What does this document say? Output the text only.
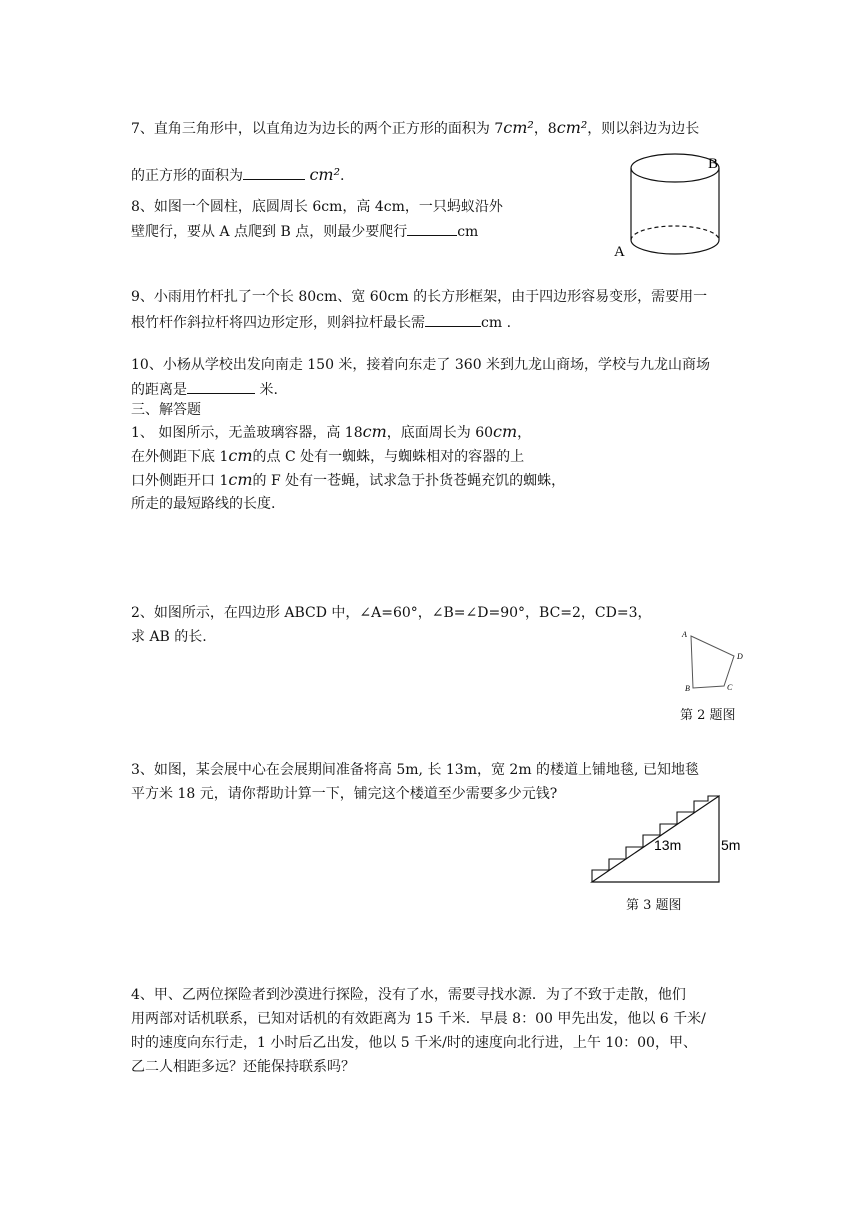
7、直角三角形中，以直角边为边长的两个正方形的面积为 7cm²，8cm²，则以斜边为边长
的正方形的面积为	cm².
B
A
8、如图一个圆柱，底圆周长 6cm，高 4cm，一只蚂蚁沿外
壁爬行，要从 A 点爬到 B 点，则最少要爬行	cm
9、小雨用竹杆扎了一个长 80cm、宽 60cm 的长方形框架，由于四边形容易变形，需要用一
根竹杆作斜拉杆将四边形定形，则斜拉杆最长需	cm .
10、小杨从学校出发向南走 150 米，接着向东走了 360 米到九龙山商场，学校与九龙山商场
的距离是	米.
三、解答题
1、 如图所示，无盖玻璃容器，高 18cm，底面周长为 60cm，
在外侧距下底 1cm的点 C 处有一蜘蛛，与蜘蛛相对的容器的上
口外侧距开口 1cm的 F 处有一苍蝇，试求急于扑货苍蝇充饥的蜘蛛，
所走的最短路线的长度.
2、如图所示，在四边形 ABCD 中，∠A=60°，∠B=∠D=90°，BC=2，CD=3，
求 AB 的长.	A
D
C
B
第 2 题图
3、如图，某会展中心在会展期间准备将高 5m, 长 13m，宽 2m 的楼道上铺地毯, 已知地毯
平方米 18 元，请你帮助计算一下，铺完这个楼道至少需要多少元钱?
13m	5m
第 3 题图
4、甲、乙两位探险者到沙漠进行探险，没有了水，需要寻找水源．为了不致于走散，他们
用两部对话机联系，已知对话机的有效距离为 15 千米．早晨 8：00 甲先出发，他以 6 千米/
时的速度向东行走，1 小时后乙出发，他以 5 千米/时的速度向北行进，上午 10：00，甲、
乙二人相距多远？还能保持联系吗？
